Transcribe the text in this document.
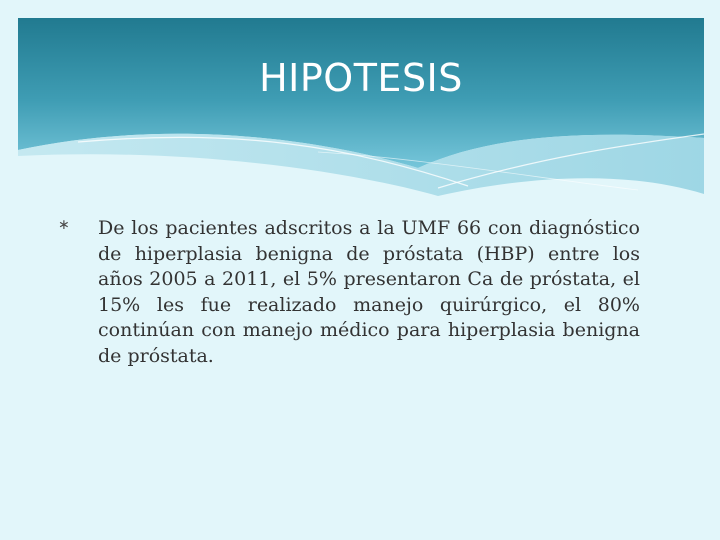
HIPOTESIS
∗	De los pacientes adscritos a la UMF 66 con diagnóstico de hiperplasia benigna de próstata (HBP) entre los años 2005 a 2011, el 5% presentaron Ca de próstata, el 15% les fue realizado manejo quirúrgico, el 80% continúan con manejo médico para hiperplasia benigna de próstata.
